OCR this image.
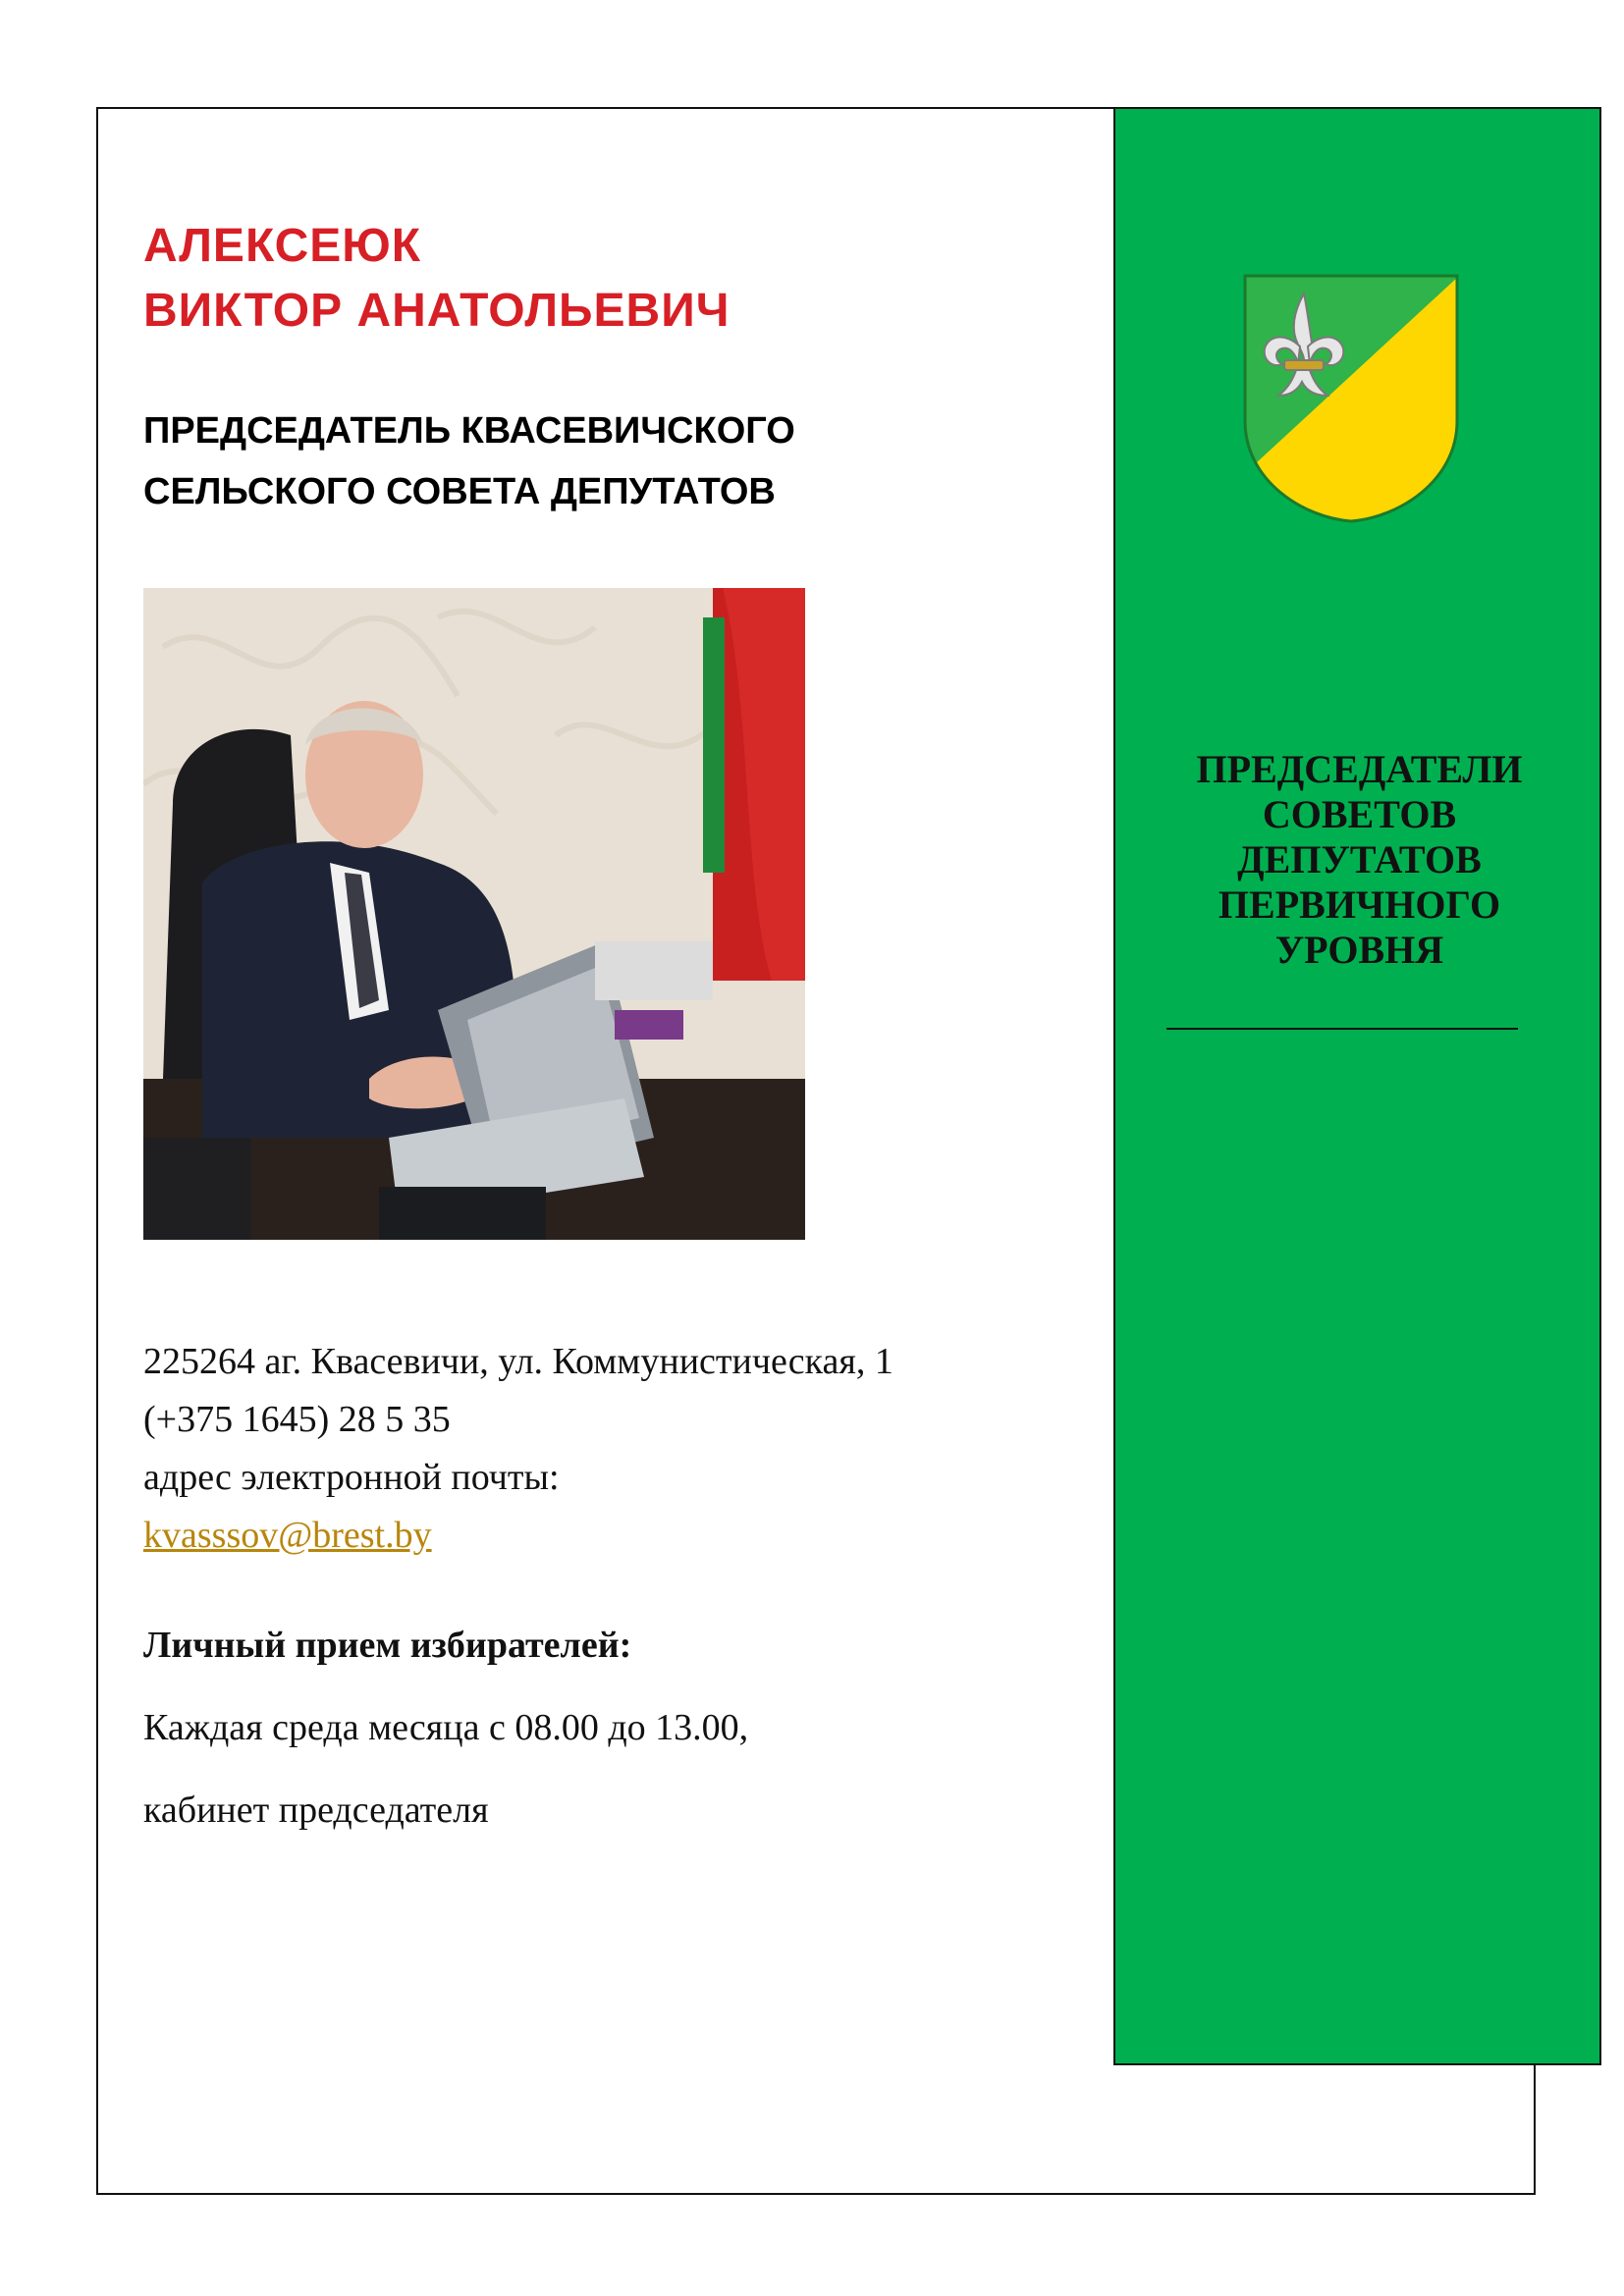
ПРЕДСЕДАТЕЛИ
СОВЕТОВ
ДЕПУТАТОВ
ПЕРВИЧНОГО
УРОВНЯ
АЛЕКСЕЮК
ВИКТОР АНАТОЛЬЕВИЧ
ПРЕДСЕДАТЕЛЬ КВАСЕВИЧСКОГО
СЕЛЬСКОГО СОВЕТА ДЕПУТАТОВ
225264 аг. Квасевичи, ул. Коммунистическая, 1
(+375 1645) 28 5 35
адрес электронной почты:
kvasssov@brest.by
Личный прием избирателей:
Каждая среда месяца с 08.00 до 13.00,
кабинет председателя
